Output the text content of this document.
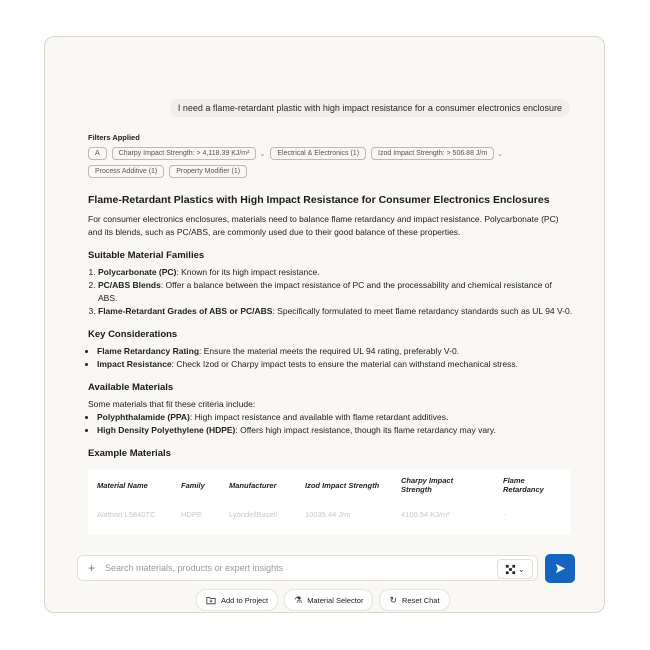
I need a flame-retardant plastic with high impact resistance for a consumer electronics enclosure
Filters Applied
A	Charpy Impact Strength: > 4,118.39 KJ/m²	⌄	Electrical & Electronics (1)	Izod Impact Strength: > 506.88 J/m	⌄
Process Additive (1)	Property Modifier (1)
Flame-Retardant Plastics with High Impact Resistance for Consumer Electronics Enclosures

For consumer electronics enclosures, materials need to balance flame retardancy and impact resistance. Polycarbonate (PC) and its blends, such as PC/ABS, are commonly used due to their good balance of these properties.

Suitable Material Families
1. Polycarbonate (PC): Known for its high impact resistance.
2. PC/ABS Blends: Offer a balance between the impact resistance of PC and the processability and chemical resistance of ABS.
3. Flame-Retardant Grades of ABS or PC/ABS: Specifically formulated to meet flame retardancy standards such as UL 94 V-0.
Key Considerations
• Flame Retardancy Rating: Ensure the material meets the required UL 94 rating, preferably V-0.
• Impact Resistance: Check Izod or Charpy impact tests to ensure the material can withstand mechanical stress.
Available Materials

Some materials that fit these criteria include:

• Polyphthalamide (PPA): High impact resistance and available with flame retardant additives.
• High Density Polyethylene (HDPE): Offers high impact resistance, though its flame retardancy may vary.
Example Materials
Material Name	Family	Manufacturer	Izod Impact Strength	Charpy Impact Strength	Flame Retardancy
Alathon L5840TC	HDPE	LyondellBasell	10035.44 J/m	4100.54 KJ/m²	-
+
Search materials, products or expert insights	⌄
Add to Project	⚗ Material Selector	↻ Reset Chat
